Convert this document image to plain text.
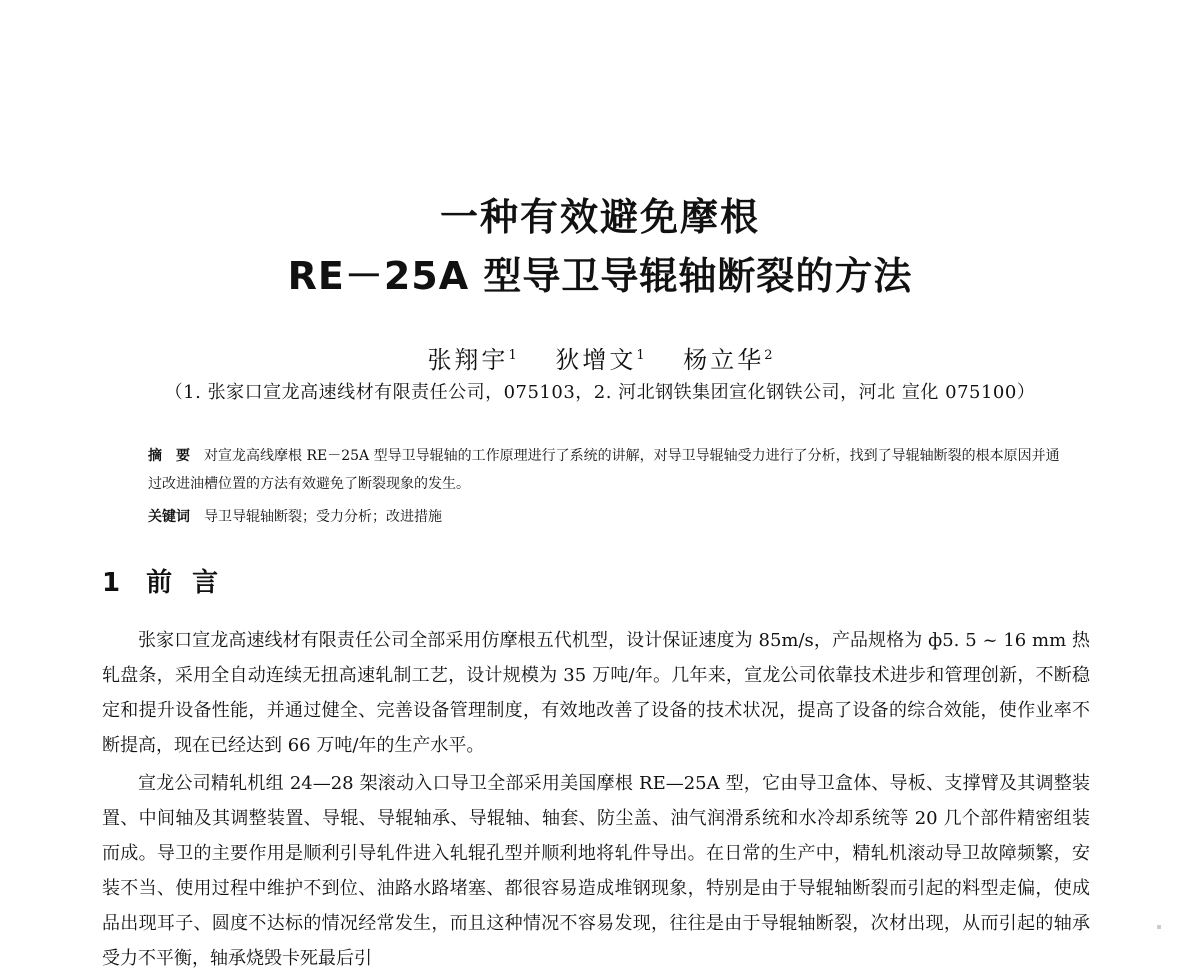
一种有效避免摩根
RE－25A 型导卫导辊轴断裂的方法
张翔宇$^1$ 狄增文$^1$ 杨立华$^2$
（1. 张家口宣龙高速线材有限责任公司，075103，2. 河北钢铁集团宣化钢铁公司，河北 宣化 075100）

摘　要 对宣龙高线摩根 RE－25A 型导卫导辊轴的工作原理进行了系统的讲解，对导卫导辊轴受力进行了分析，找到了导辊轴断裂的根本原因并通过改进油槽位置的方法有效避免了断裂现象的发生。

关键词 导卫导辊轴断裂；受力分析；改进措施
1 前言

张家口宣龙高速线材有限责任公司全部采用仿摩根五代机型，设计保证速度为 85m/s，产品规格为 ф5. 5 ~ 16 mm 热轧盘条，采用全自动连续无扭高速轧制工艺，设计规模为 35 万吨/年。几年来，宣龙公司依靠技术进步和管理创新，不断稳定和提升设备性能，并通过健全、完善设备管理制度，有效地改善了设备的技术状况，提高了设备的综合效能，使作业率不断提高，现在已经达到 66 万吨/年的生产水平。

宣龙公司精轧机组 24—28 架滚动入口导卫全部采用美国摩根 RE—25A 型，它由导卫盒体、导板、支撑臂及其调整装置、中间轴及其调整装置、导辊、导辊轴承、导辊轴、轴套、防尘盖、油气润滑系统和水冷却系统等 20 几个部件精密组装而成。导卫的主要作用是顺利引导轧件进入轧辊孔型并顺利地将轧件导出。在日常的生产中，精轧机滚动导卫故障频繁，安装不当、使用过程中维护不到位、油路水路堵塞、都很容易造成堆钢现象，特别是由于导辊轴断裂而引起的料型走偏，使成品出现耳子、圆度不达标的情况经常发生，而且这种情况不容易发现，往往是由于导辊轴断裂，次材出现，从而引起的轴承受力不平衡，轴承烧毁卡死最后引
